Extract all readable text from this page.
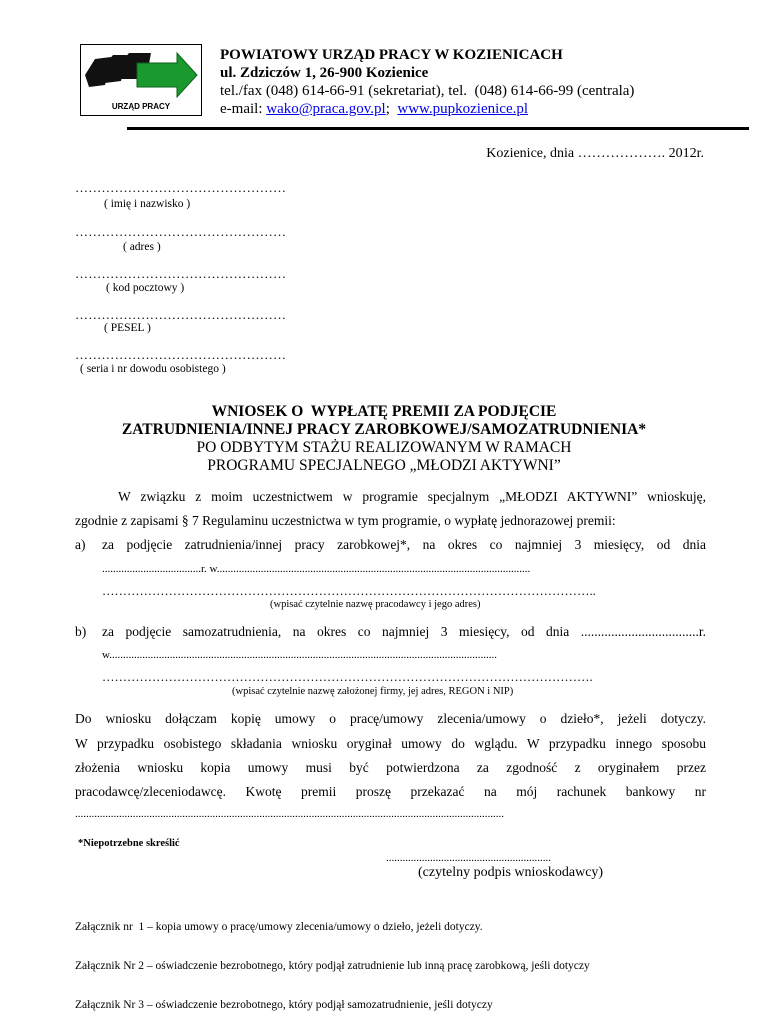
URZĄD PRACY
POWIATOWY URZĄD PRACY W KOZIENICACH
ul. Zdziczów 1, 26-900 Kozienice
tel./fax (048) 614-66-91 (sekretariat), tel.  (048) 614-66-99 (centrala)
e-mail: wako@praca.gov.pl; www.pupkozienice.pl
Kozienice, dnia ………………. 2012r.
…………………………………………
( imię i nazwisko )
…………………………………………
( adres )
…………………………………………
( kod pocztowy )
…………………………………………
( PESEL )
…………………………………………
( seria i nr dowodu osobistego )
WNIOSEK O  WYPŁATĘ PREMII ZA PODJĘCIE
ZATRUDNIENIA/INNEJ PRACY ZAROBKOWEJ/SAMOZATRUDNIENIA*
PO ODBYTYM STAŻU REALIZOWANYM W RAMACH
PROGRAMU SPECJALNEGO „MŁODZI AKTYWNI”
W związku z moim uczestnictwem w programie specjalnym „MŁODZI AKTYWNI” wnioskuję,
zgodnie z zapisami § 7 Regulaminu uczestnictwa w tym programie, o wypłatę jednorazowej premii:
a) za podjęcie zatrudnienia/innej pracy zarobkowej*, na okres co najmniej 3 miesięcy, od dnia
....................................r. w..................................................................................................................
………………………………………………………………………………………………………..
(wpisać czytelnie nazwę pracodawcy i jego adres)
b) za podjęcie samozatrudnienia, na okres co najmniej 3 miesięcy, od dnia ...................................r.
w.............................................................................................................................................
……………………………………………………………………………………………………….
(wpisać czytelnie nazwę założonej firmy, jej adres, REGON i NIP)
Do wniosku dołączam kopię umowy o pracę/umowy zlecenia/umowy o dzieło*, jeżeli dotyczy.
W przypadku osobistego składania wniosku oryginał umowy do wglądu. W przypadku innego sposobu
złożenia wniosku kopia umowy musi być potwierdzona za zgodność z oryginałem przez
pracodawcę/zleceniodawcę. Kwotę premii proszę przekazać na mój rachunek bankowy nr
............................................................................................................................................................
*Niepotrzebne skreślić
............................................................
(czytelny podpis wnioskodawcy)

Załącznik nr  1 – kopia umowy o pracę/umowy zlecenia/umowy o dzieło, jeżeli dotyczy.

Załącznik Nr 2 – oświadczenie bezrobotnego, który podjął zatrudnienie lub inną pracę zarobkową, jeśli dotyczy

Załącznik Nr 3 – oświadczenie bezrobotnego, który podjął samozatrudnienie, jeśli dotyczy
